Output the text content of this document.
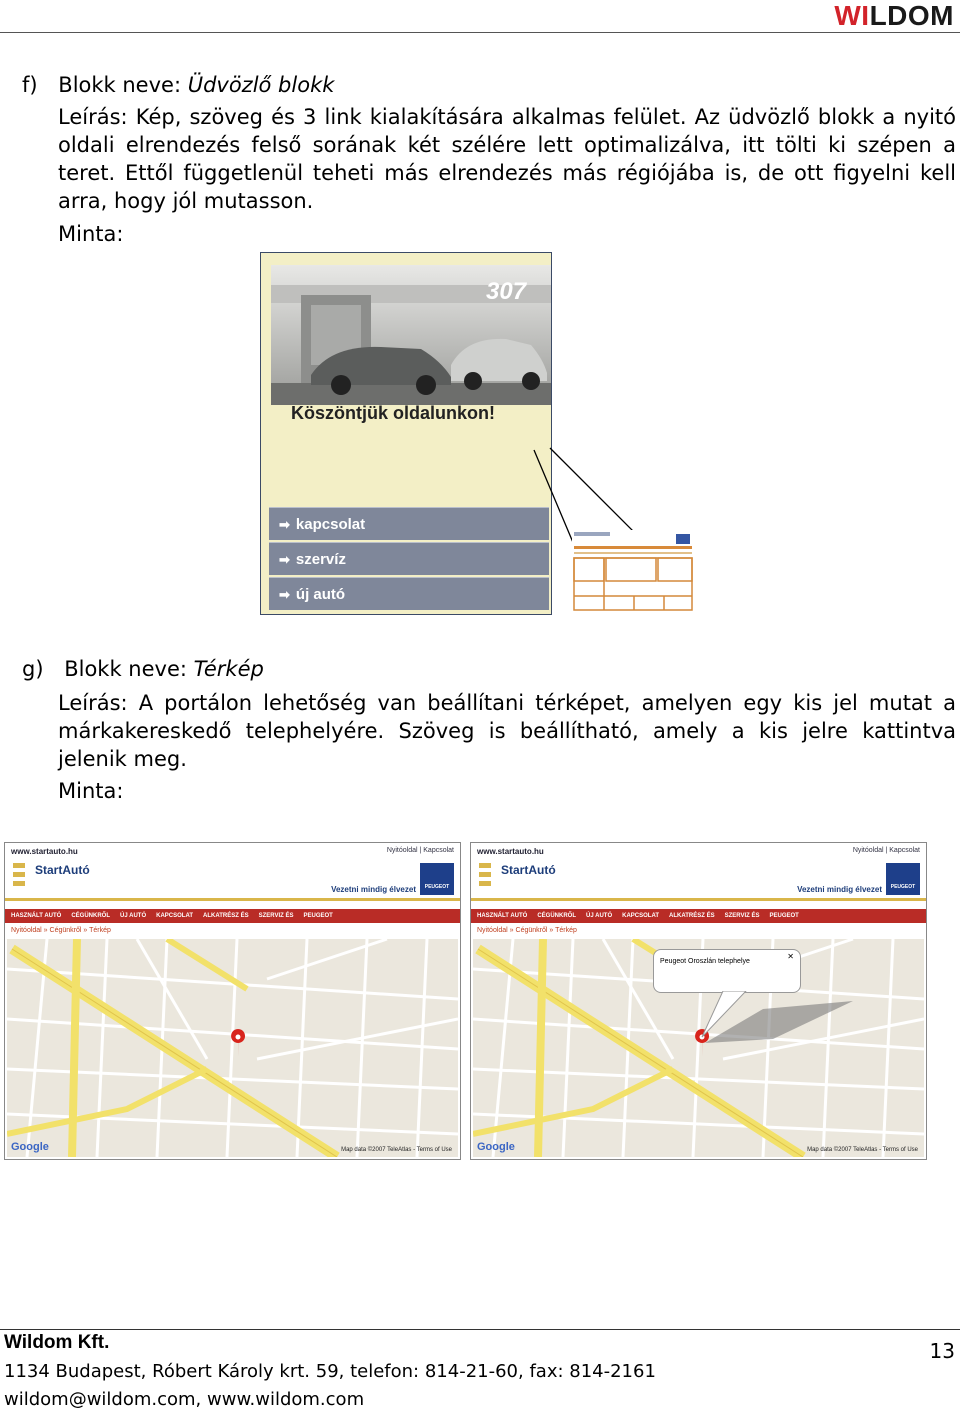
WILDOM
f) Blokk neve: Üdvözlő blokk
Leírás: Kép, szöveg és 3 link kialakítására alkalmas felület. Az üdvözlő blokk a nyitó oldali elrendezés felső sorának két szélére lett optimalizálva, itt tölti ki szépen a teret. Ettől függetlenül teheti más elrendezés más régiójába is, de ott figyelni kell arra, hogy jól mutasson.
Minta:
307
Köszöntjük oldalunkon!
➡ kapcsolat
➡ szervíz
➡ új autó
g) Blokk neve: Térkép
Leírás: A portálon lehetőség van beállítani térképet, amelyen egy kis jel mutat a márkakereskedő telephelyére. Szöveg is beállítható, amely a kis jelre kattintva jelenik meg.
Minta:
www.startauto.hu	Nyitóoldal | Kapcsolat
StartAutó
Vezetni mindig élvezet	PEUGEOT
HASZNÁLT AUTÓ CÉGÜNKRŐL ÚJ AUTÓ KAPCSOLAT ALKATRÉSZ ÉS SZERVIZ ÉS PEUGEOT
Nyitóoldal » Cégünkről » Térkép
Google	Map data ©2007 TeleAtlas - Terms of Use
www.startauto.hu	Nyitóoldal | Kapcsolat
StartAutó
Vezetni mindig élvezet	PEUGEOT
HASZNÁLT AUTÓ CÉGÜNKRŐL ÚJ AUTÓ KAPCSOLAT ALKATRÉSZ ÉS SZERVIZ ÉS PEUGEOT
Nyitóoldal » Cégünkről » Térkép
Peugeot Oroszlán telephelye
✕
Google	Map data ©2007 TeleAtlas - Terms of Use
Wildom Kft.
1134 Budapest, Róbert Károly krt. 59, telefon: 814-21-60, fax: 814-2161
wildom@wildom.com, www.wildom.com
13
